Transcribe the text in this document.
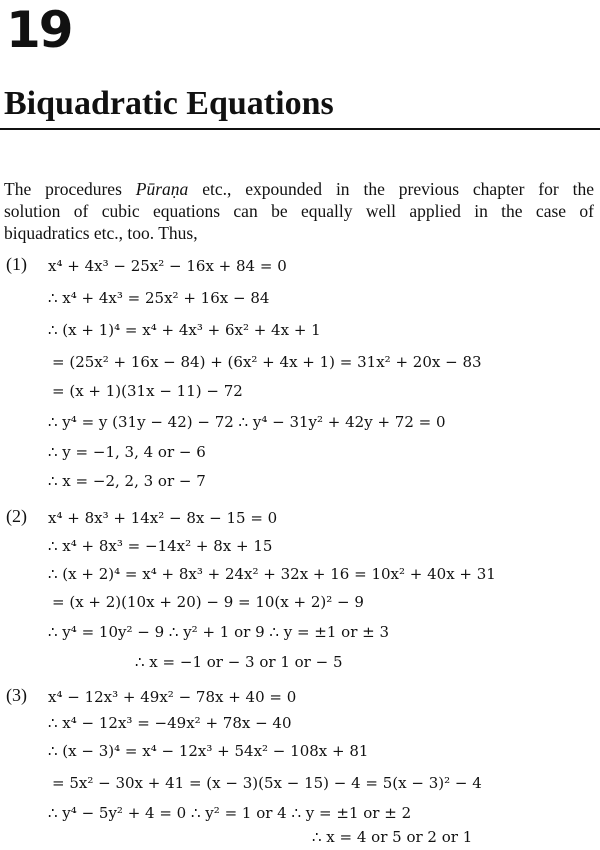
19
Biquadratic Equations
The procedures Pūraṇa etc., expounded in the previous chapter for the
solution of cubic equations can be equally well applied in the case of
biquadratics etc., too. Thus,
(1) x⁴ + 4x³ − 25x² − 16x + 84 = 0
∴ x⁴ + 4x³ = 25x² + 16x − 84
∴ (x + 1)⁴ = x⁴ + 4x³ + 6x² + 4x + 1
= (25x² + 16x − 84) + (6x² + 4x + 1) = 31x² + 20x − 83
= (x + 1)(31x − 11) − 72
∴ y⁴ = y (31y − 42) − 72 ∴ y⁴ − 31y² + 42y + 72 = 0
∴ y = −1, 3, 4 or − 6
∴ x = −2, 2, 3 or − 7
(2) x⁴ + 8x³ + 14x² − 8x − 15 = 0
∴ x⁴ + 8x³ = −14x² + 8x + 15
∴ (x + 2)⁴ = x⁴ + 8x³ + 24x² + 32x + 16 = 10x² + 40x + 31
= (x + 2)(10x + 20) − 9 = 10(x + 2)² − 9
∴ y⁴ = 10y² − 9 ∴ y² + 1 or 9 ∴ y = ±1 or ± 3
∴ x = −1 or − 3 or 1 or − 5
(3) x⁴ − 12x³ + 49x² − 78x + 40 = 0
∴ x⁴ − 12x³ = −49x² + 78x − 40
∴ (x − 3)⁴ = x⁴ − 12x³ + 54x² − 108x + 81
= 5x² − 30x + 41 = (x − 3)(5x − 15) − 4 = 5(x − 3)² − 4
∴ y⁴ − 5y² + 4 = 0 ∴ y² = 1 or 4 ∴ y = ±1 or ± 2
∴ x = 4 or 5 or 2 or 1
